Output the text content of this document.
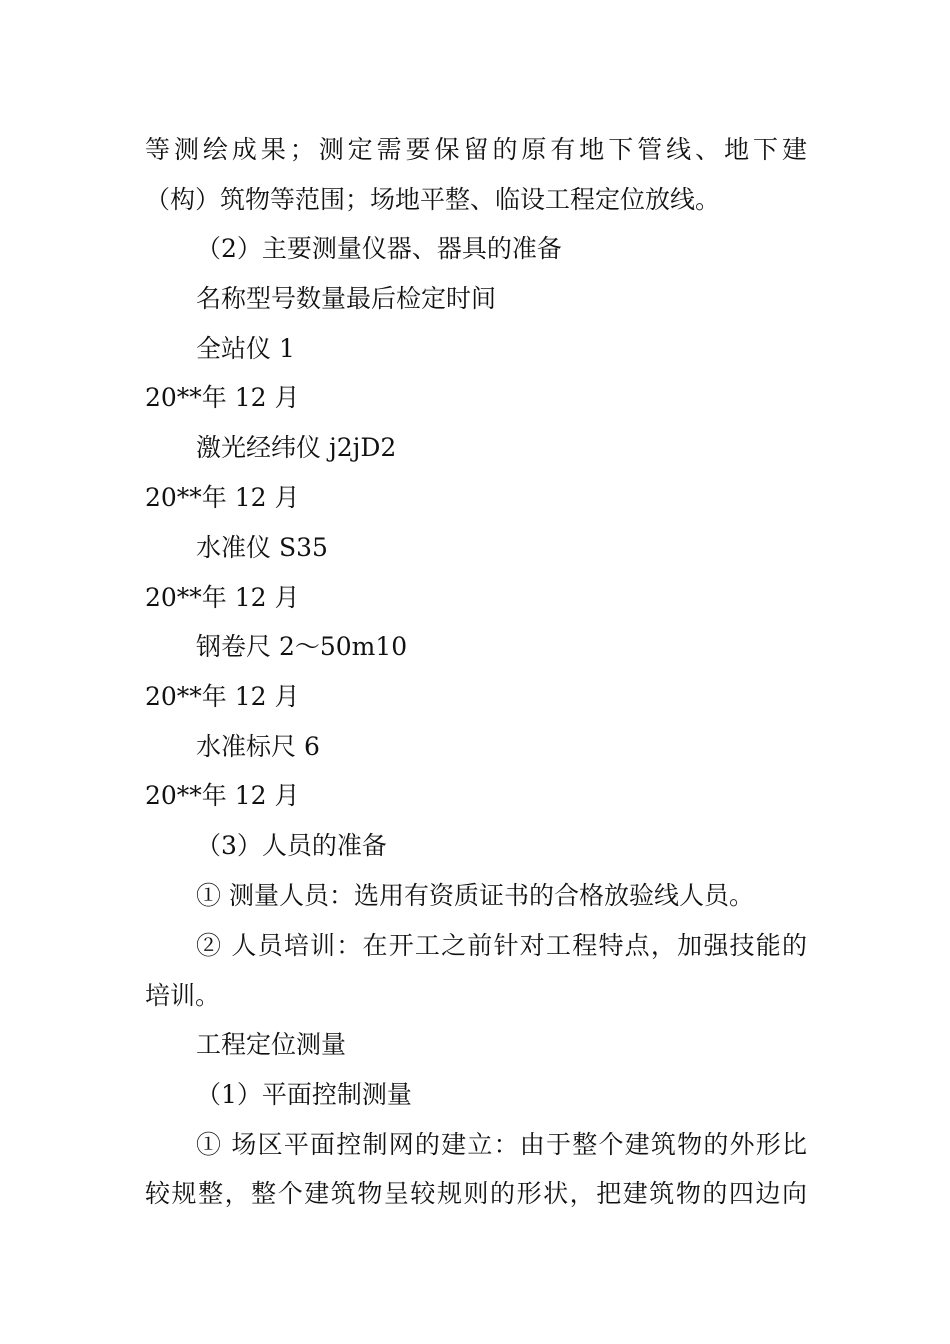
等测绘成果；测定需要保留的原有地下管线、地下建
（构）筑物等范围；场地平整、临设工程定位放线。
（2）主要测量仪器、器具的准备
名称型号数量最后检定时间
全站仪 1
20**年 12 月
激光经纬仪 j2jD2
20**年 12 月
水准仪 S35
20**年 12 月
钢卷尺 2～50m10
20**年 12 月
水准标尺 6
20**年 12 月
（3）人员的准备
① 测量人员：选用有资质证书的合格放验线人员。
② 人员培训：在开工之前针对工程特点，加强技能的
培训。
工程定位测量
（1）平面控制测量
① 场区平面控制网的建立：由于整个建筑物的外形比
较规整，整个建筑物呈较规则的形状，把建筑物的四边向
